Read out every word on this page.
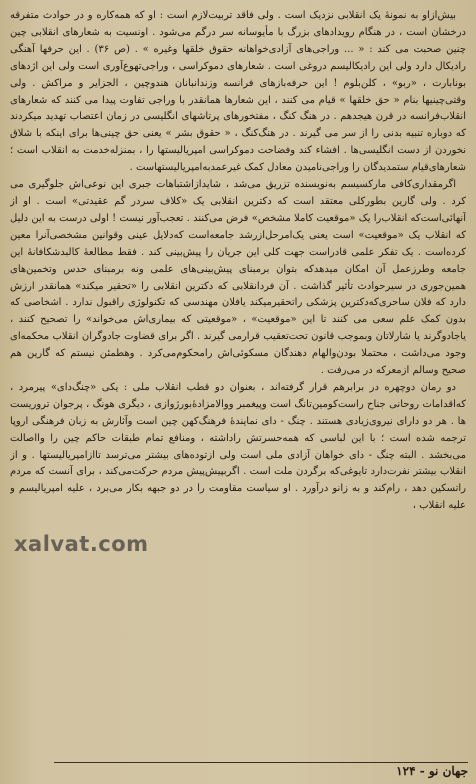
بیش‌از‌او به نمونهٔ یک انقلابی نزدیک است . ولی فاقد تربیت‌لازم است : او که همه‌کاره و در حوادث متفرقه درخشان است ، در هنگام رویدادهای بزرگ با مأیوسانه سر درگم می‌شود . اونسیت به شعارهای انقلابی چین چنین صحبت می کند : « ... وراجی‌های آزادی‌خواهانه حقوق خلقها وغیره » . (ص ۳۶) . این حرفها آهنگی رادیکال دارد ولی این رادیکالیسم دروغی است . شعارهای دموکراسی ، وراجی‌تهوع‌آوری است ولی این اژدهای بونابارت ، «ربو» ، کلن‌بلوم ! این حرفه‌بازهای فرانسه وزندانبانان هندوچین ، الجزایر و مراکش . ولی وقتی‌چینیها بنام « حق خلقها » قیام می کنند ، این شعارها همانقدر با وراجی تفاوت پیدا می کنند که شعارهای انقلاب‌فرانسه در قرن هیجدهم . در هنگ کنگ ، مفتخورهای پرتاشهای انگلیسی در زمان اعتصاب تهدید میکردند که دوباره تنبیه بدنی را از سر می گیرند . در هنگ‌کنگ ، « حقوق بشر » یعنی حق چینی‌ها برای اینکه با شلاق نخوردن از دست انگلیسی‌ها . افشاء کند وفضاحت دموکراسی امپریالیستها را ، بمنزله‌خدمت به انقلاب است ؛ شعارهای‌قیام ستمدیدگان را وراجی‌نامیدن معادل کمک غیرعمدبه‌امپریالیستهاست .

اگرمقداری‌کافی مارکسیسم به‌نویسنده تزریق می‌شد ، شایداز‌اشتباهات جبری این نوعی‌اش جلوگیری می کرد . ولی گارین بطورکلی معتقد است که دکترین انقلابی یک «کلاف سردر گم عقیدتی» است . او از آنهائی‌است‌که انقلاب‌را یک «موقعیت کاملا مشخص» فرض می‌کنند . تعجب‌آور نیست ! اولی درست به این دلیل که انقلاب یک «موقعیت» است یعنی یک‌امر‌حل‌ازرشد جامعه‌است که‌دلایل عینی وقوانین مشخصی‌آنرا معین کرده‌است . یک تفکر علمی قادراست جهت کلی این جریان را پیش‌بینی کند . فقط مطالعهٔ کالبدشکافانهٔ این جامعه وطرزعمل آن امکان میدهدکه بتوان برمبنای پیش‌بینی‌های علمی ونه برمبنای حدس وتخمین‌های همین‌جوری در سیرحوادث تأثیر گذاشت . آن فرد‌انقلابی که دکترین انقلابی را «تحقیر میکند» همانقدر ارزش دارد که فلان ساحری‌که‌دکترین پزشکی‌ راتحقیرمیکند یافلان مهندسی که تکنولوژی راقبول ندارد . اشخاصی که بدون کمک علم سعی می کنند تا این «موقعیت» ، «موقعیتی که بیماری‌اش می‌خواند» را تصحیح کنند ، یا‌جادوگرند یا شارلاتان وبموجب قانون تحت‌تعقیب قرارمی گیرند . اگر برای قضاوت جادوگران انقلاب محکمه‌ای وجود می‌داشت ، محتملا بودن‌والهام دهندگان مسکوئی‌اش رامحکوم‌می‌کرد . وهطمئن نیستم که گارین هم صحیح وسالم ازمعرکه در می‌رفت .

دو رمان دوچهره در برابرهم قرار گرفته‌اند ، بعنوان دو قطب انقلاب ملی : یکی «چنگ‌دای» پیرمرد ، که‌اقدامات روحانی جناح راست‌کومین‌تانگ است وپیغمبر ووالامزادهٔ‌بورژوازی ، دیگری هونگ ، پرجوان تروریست ها . هر دو دارای نیروی‌زیادی هستند . چنگ - دای نمایندهٔ فرهنگ‌کهن چین است وآثارش به زبان فرهنگی اروپا ترجمه شده است ؛ با این لباسی که همه‌حسرتش راداشته ، ومنافع تمام طبقات حاکم چین را وااصالت می‌بخشد . البته چنگ - دای خواهان آزادی ملی است ولی از‌توده‌های بیشتر می‌ترسد تا‌ازامپریالیستها . و از انقلاب بیشتر نفرت‌دارد تا‌یوغی‌که بر‌گردن ملت است . اگر‌بپیش‌پیش مردم حرکت‌می‌کند ، برای آنست که مردم راتسکین دهد ، رام‌کند و به زانو درآورد . او سیاست مقاومت را در دو جبهه بکار می‌برد ، علیه امپریالیسم و علیه انقلاب ،

xalvat.com
جهان نو - ۱۲۴
